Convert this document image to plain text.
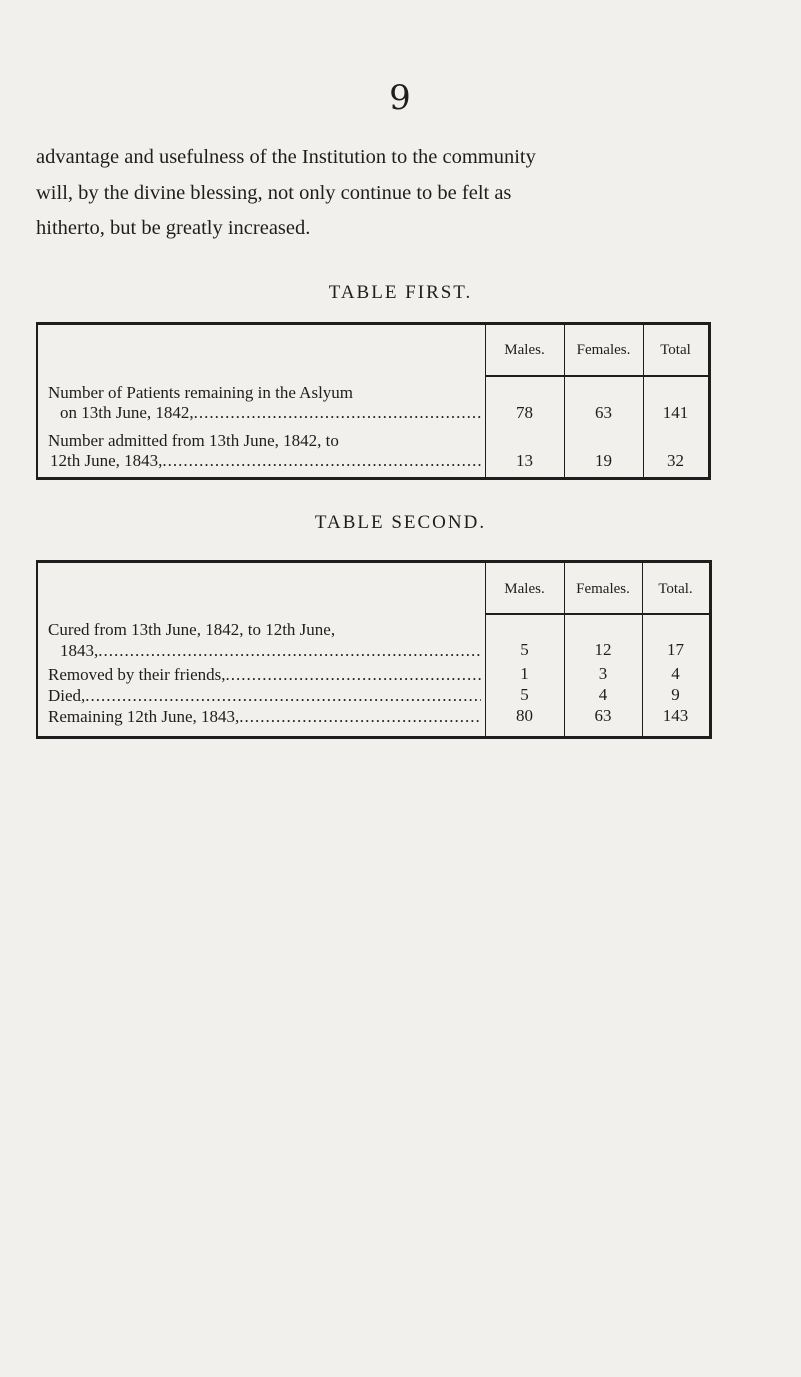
9
advantage and usefulness of the Institution to the community
will, by the divine blessing, not only continue to be felt as
hitherto, but be greatly increased.
TABLE FIRST.

	Males.	Females.	Total

Number of Patients remaining in the Aslyum
on 13th June, 1842,
.....	78	63	141

Number admitted from 13th June, 1842, to
12th June, 1843,
.....	13	19	32
TABLE SECOND.

	Males.	Females.	Total.

Cured from 13th June, 1842, to 12th June,
1843,
.....	5	12	17

Removed by their friends,
.....	1	3	4

Died,
.....	5	4	9

Remaining 12th June, 1843,
.....	80	63	143
